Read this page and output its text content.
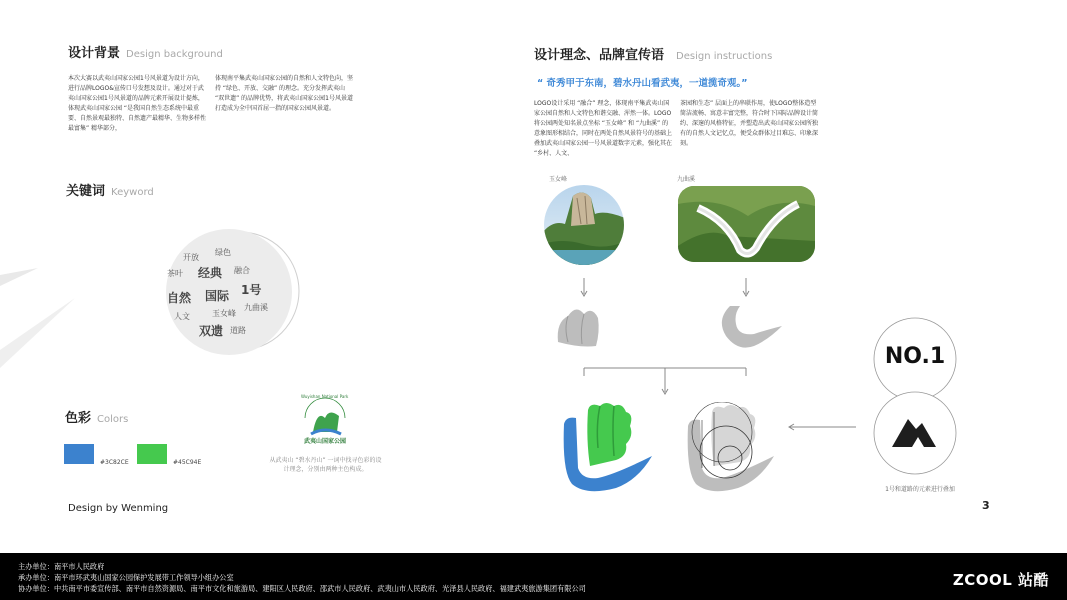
设计背景 Design background
本次大赛以武夷山国家公园1号风景道为设计方向，进行品牌LOGO&宣传口号发想及设计。通过对于武夷山国家公园1号风景道的品牌元素开展设计提炼，体现武夷山国家公园 “是我国自然生态系统中最重要、自然景观最独特、自然遗产最精华、生物多样性最富集” 精华部分，
体现南平集武夷山国家公园的自然和人文特色向，坚持 “绿色、开放、交融” 的理念。充分发挥武夷山 “双世遗” 的品牌优势，将武夷山国家公园1号风景道打造成为全中国首屈一指的国家公园风景道。
关键词 Keyword
开放
绿色
茶叶 经典 融合
自然 国际 1号
九曲溪
人文	玉女峰
双遗 道路
色彩 Colors
#3C82CE	#45C94E
武夷山国家公园
Wuyishan National Park
从武夷山 “碧水丹山” 一词中找寻色彩的设计理念，分别由两种主色构成。
Design by Wenming
设计理念、品牌宣传语 Design instructions
“ 奇秀甲于东南，碧水丹山看武夷，一道揽奇观。”
LOGO设计采用 “融合” 理念，体现南平集武夷山国家公园自然和人文特色和谐交融、浑然一体。LOGO将公园两处知名景点坐标 “玉女峰” 和 “九曲溪” 的意象图形相结合，同时在两处自然风景符号的基础上叠加武夷山国家公园一号风景道数字元素，强化其在 “乡村、人文、
茶园和生态” 层面上的串联作用，使LOGO整体造型简洁流畅、寓意丰富完整，符合时下国际品牌设计简约、深邃的风格特征，并塑造出武夷山国家公园所独有的自然人文记忆点，便受众群体过目难忘、印象深刻。
玉女峰	九曲溪
NO.1
1号和道路的元素进行叠加
3
主办单位：南平市人民政府
承办单位：南平市环武夷山国家公园保护发展带工作领导小组办公室
协办单位：中共南平市委宣传部、南平市自然资源局、南平市文化和旅游局、建阳区人民政府、邵武市人民政府、武夷山市人民政府、光泽县人民政府、福建武夷旅游集团有限公司	ZCOOL 站酷
